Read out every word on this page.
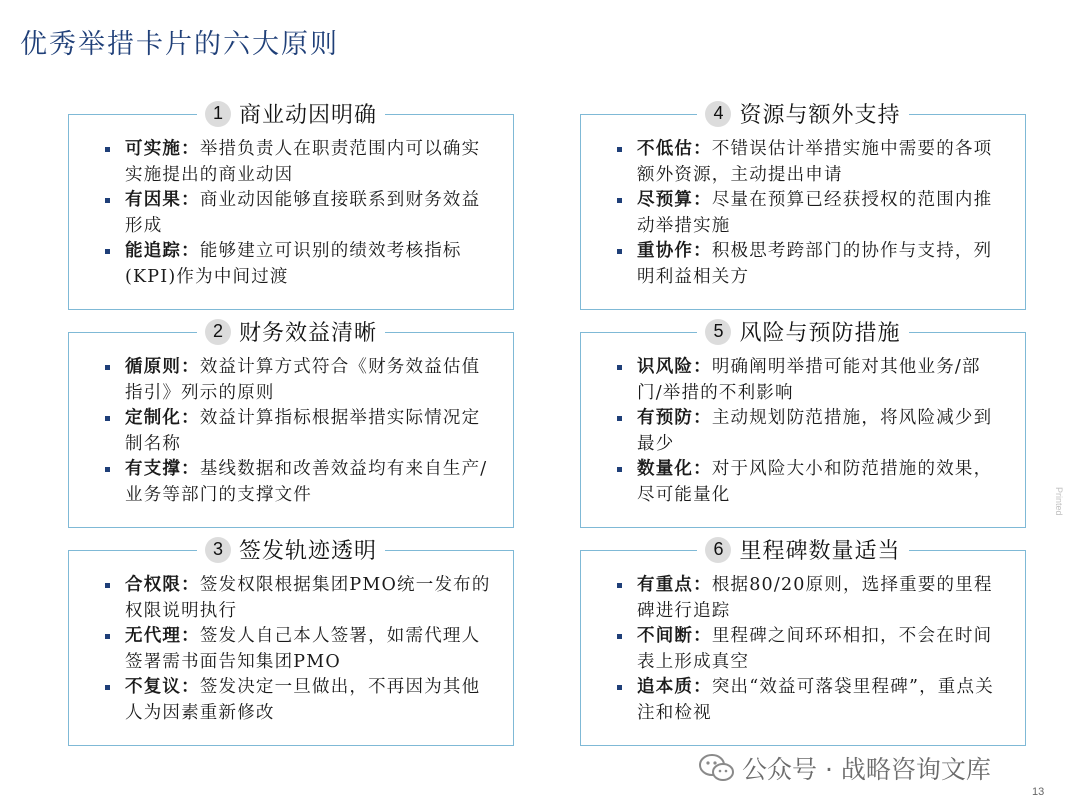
优秀举措卡片的六大原则
1 商业动因明确
可实施：举措负责人在职责范围内可以确实实施提出的商业动因
有因果：商业动因能够直接联系到财务效益形成
能追踪：能够建立可识别的绩效考核指标(KPI)作为中间过渡
2 财务效益清晰
循原则：效益计算方式符合《财务效益估值指引》列示的原则
定制化：效益计算指标根据举措实际情况定制名称
有支撑：基线数据和改善效益均有来自生产/业务等部门的支撑文件
3 签发轨迹透明
合权限：签发权限根据集团PMO统一发布的权限说明执行
无代理：签发人自己本人签署，如需代理人签署需书面告知集团PMO
不复议：签发决定一旦做出，不再因为其他人为因素重新修改
4 资源与额外支持
不低估：不错误估计举措实施中需要的各项额外资源，主动提出申请
尽预算：尽量在预算已经获授权的范围内推动举措实施
重协作：积极思考跨部门的协作与支持，列明利益相关方
5 风险与预防措施
识风险：明确阐明举措可能对其他业务/部门/举措的不利影响
有预防：主动规划防范措施，将风险减少到最少
数量化：对于风险大小和防范措施的效果，尽可能量化
6 里程碑数量适当
有重点：根据80/20原则，选择重要的里程碑进行追踪
不间断：里程碑之间环环相扣，不会在时间表上形成真空
追本质：突出“效益可落袋里程碑”，重点关注和检视
Printed
公众号 · 战略咨询文库
13
